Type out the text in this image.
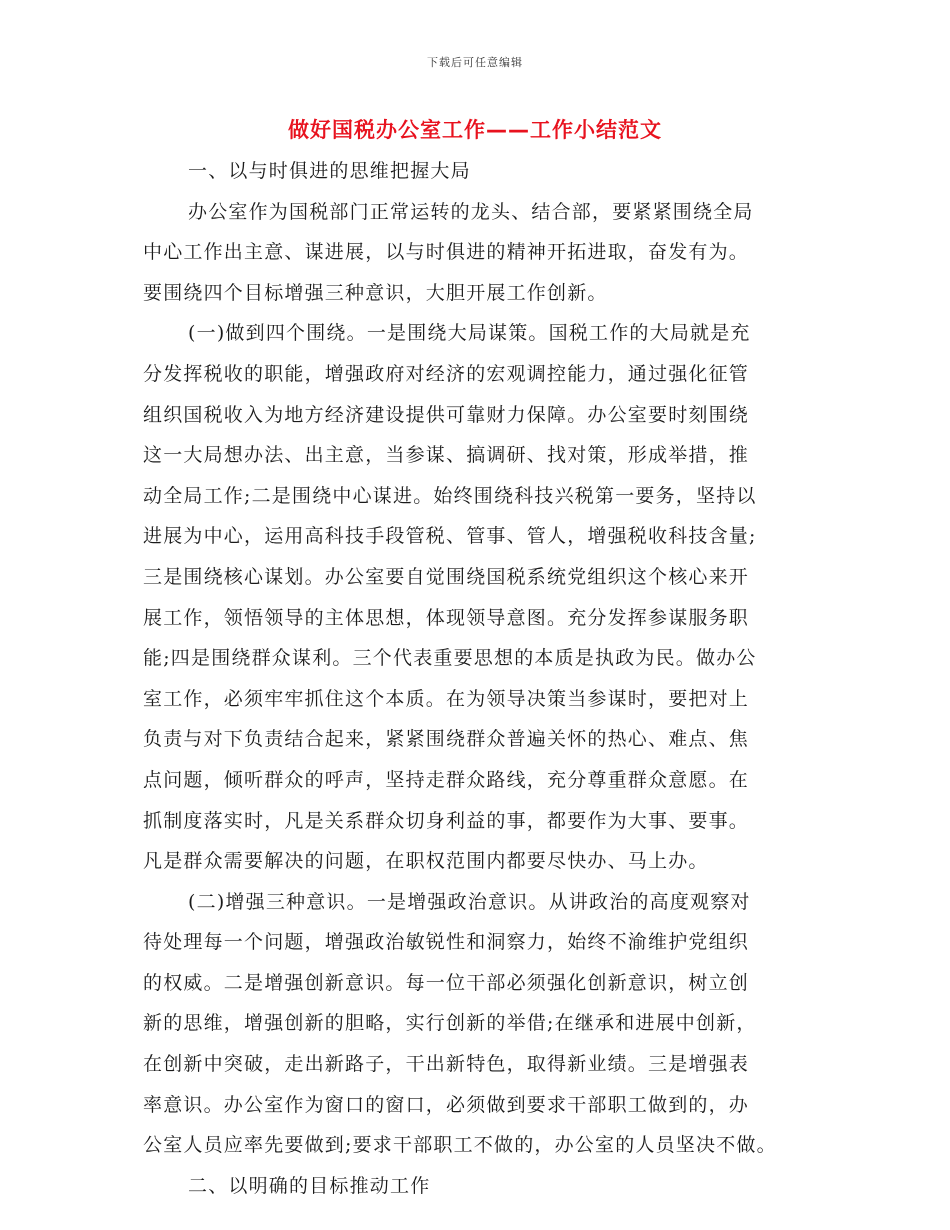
下载后可任意编辑
做好国税办公室工作——工作小结范文
一、以与时俱进的思维把握大局
办公室作为国税部门正常运转的龙头、结合部，要紧紧围绕全局
中心工作出主意、谋进展，以与时俱进的精神开拓进取，奋发有为。
要围绕四个目标增强三种意识，大胆开展工作创新。
(一)做到四个围绕。一是围绕大局谋策。国税工作的大局就是充
分发挥税收的职能，增强政府对经济的宏观调控能力，通过强化征管
组织国税收入为地方经济建设提供可靠财力保障。办公室要时刻围绕
这一大局想办法、出主意，当参谋、搞调研、找对策，形成举措，推
动全局工作;二是围绕中心谋进。始终围绕科技兴税第一要务，坚持以
进展为中心，运用高科技手段管税、管事、管人，增强税收科技含量;
三是围绕核心谋划。办公室要自觉围绕国税系统党组织这个核心来开
展工作，领悟领导的主体思想，体现领导意图。充分发挥参谋服务职
能;四是围绕群众谋利。三个代表重要思想的本质是执政为民。做办公
室工作，必须牢牢抓住这个本质。在为领导决策当参谋时，要把对上
负责与对下负责结合起来，紧紧围绕群众普遍关怀的热心、难点、焦
点问题，倾听群众的呼声，坚持走群众路线，充分尊重群众意愿。在
抓制度落实时，凡是关系群众切身利益的事，都要作为大事、要事。
凡是群众需要解决的问题，在职权范围内都要尽快办、马上办。
(二)增强三种意识。一是增强政治意识。从讲政治的高度观察对
待处理每一个问题，增强政治敏锐性和洞察力，始终不渝维护党组织
的权威。二是增强创新意识。每一位干部必须强化创新意识，树立创
新的思维，增强创新的胆略，实行创新的举借;在继承和进展中创新，
在创新中突破，走出新路子，干出新特色，取得新业绩。三是增强表
率意识。办公室作为窗口的窗口，必须做到要求干部职工做到的，办
公室人员应率先要做到;要求干部职工不做的，办公室的人员坚决不做。
二、以明确的目标推动工作
